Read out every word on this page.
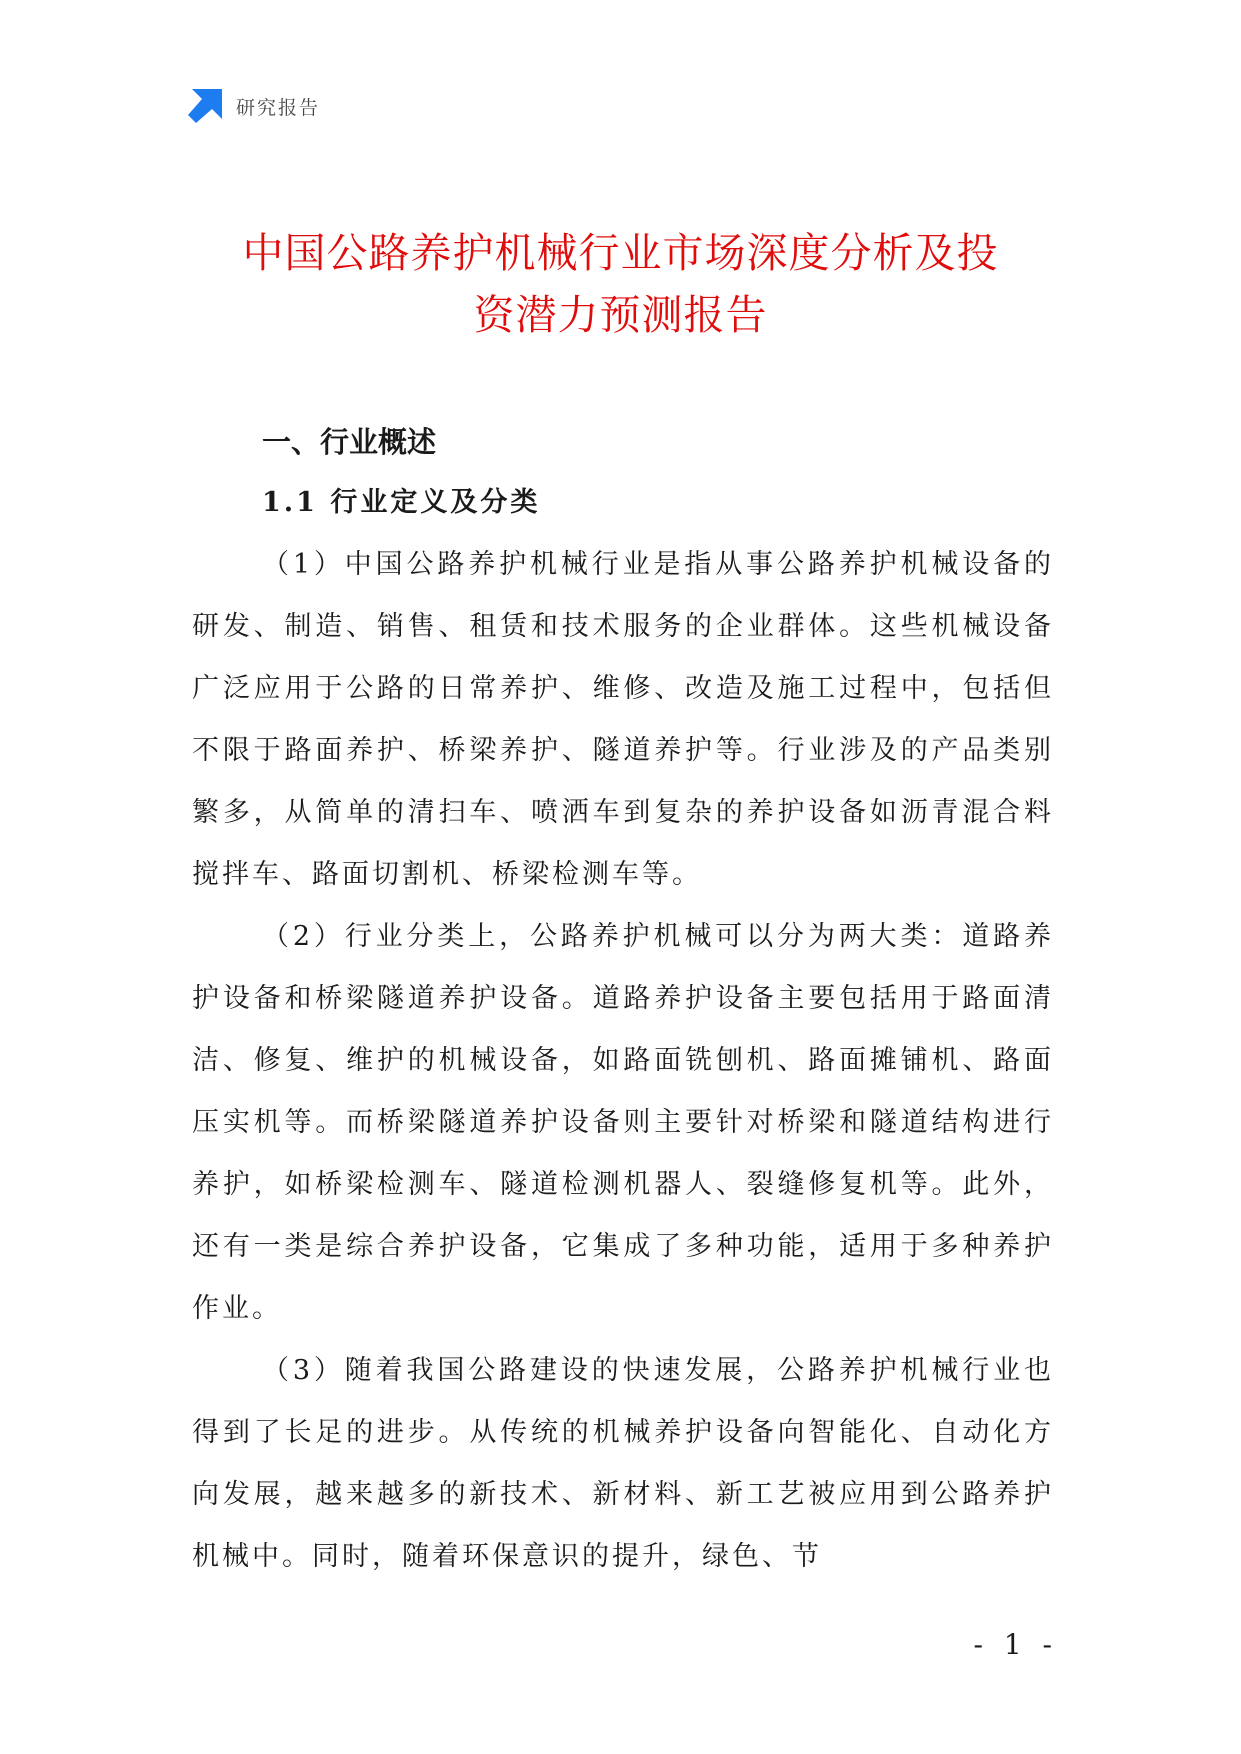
研究报告
中国公路养护机械行业市场深度分析及投
资潜力预测报告
一、行业概述
1.1 行业定义及分类

（1）中国公路养护机械行业是指从事公路养护机械设备的研发、制造、销售、租赁和技术服务的企业群体。这些机械设备广泛应用于公路的日常养护、维修、改造及施工过程中，包括但不限于路面养护、桥梁养护、隧道养护等。行业涉及的产品类别繁多，从简单的清扫车、喷洒车到复杂的养护设备如沥青混合料搅拌车、路面切割机、桥梁检测车等。

（2）行业分类上，公路养护机械可以分为两大类：道路养护设备和桥梁隧道养护设备。道路养护设备主要包括用于路面清洁、修复、维护的机械设备，如路面铣刨机、路面摊铺机、路面压实机等。而桥梁隧道养护设备则主要针对桥梁和隧道结构进行养护，如桥梁检测车、隧道检测机器人、裂缝修复机等。此外，还有一类是综合养护设备，它集成了多种功能，适用于多种养护作业。

（3）随着我国公路建设的快速发展，公路养护机械行业也得到了长足的进步。从传统的机械养护设备向智能化、自动化方向发展，越来越多的新技术、新材料、新工艺被应用到公路养护机械中。同时，随着环保意识的提升，绿色、节

- 1 -
